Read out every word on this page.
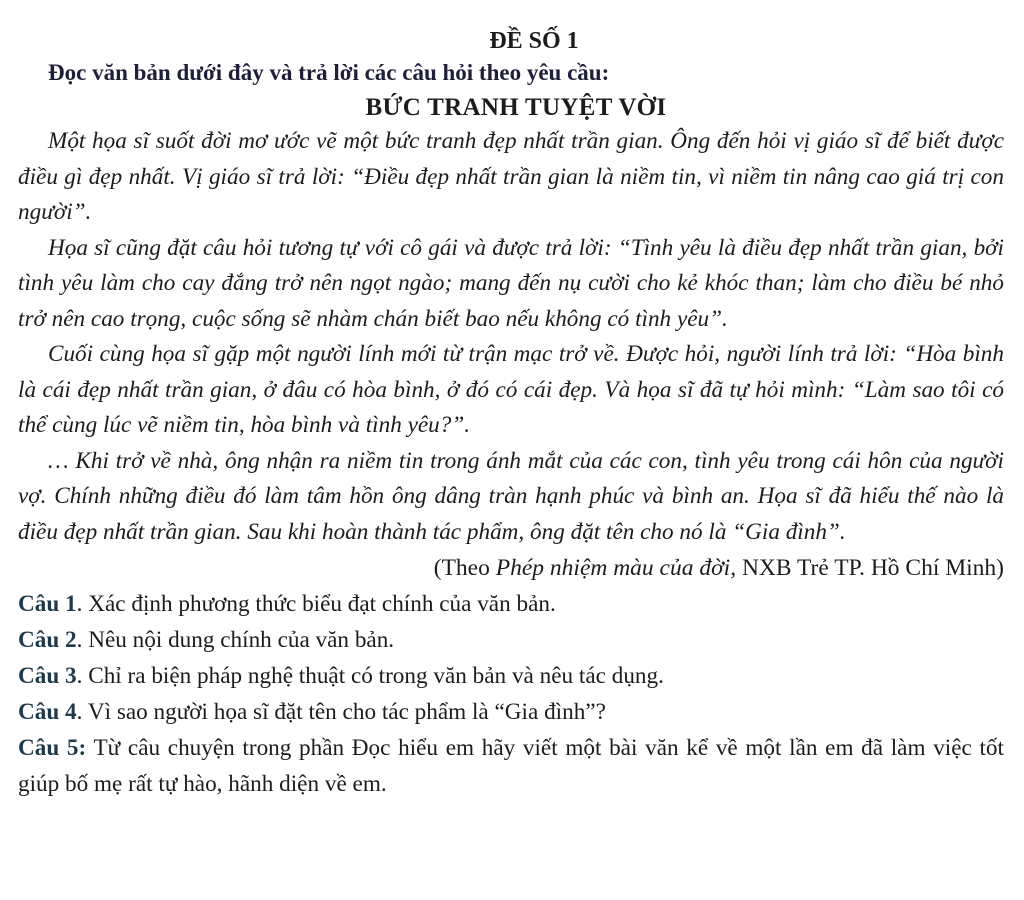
ĐỀ SỐ 1
Đọc văn bản dưới đây và trả lời các câu hỏi theo yêu cầu:
BỨC TRANH TUYỆT VỜI

Một họa sĩ suốt đời mơ ước vẽ một bức tranh đẹp nhất trần gian. Ông đến hỏi vị giáo sĩ để biết được điều gì đẹp nhất. Vị giáo sĩ trả lời: “Điều đẹp nhất trần gian là niềm tin, vì niềm tin nâng cao giá trị con người”.

Họa sĩ cũng đặt câu hỏi tương tự với cô gái và được trả lời: “Tình yêu là điều đẹp nhất trần gian, bởi tình yêu làm cho cay đắng trở nên ngọt ngào; mang đến nụ cười cho kẻ khóc than; làm cho điều bé nhỏ trở nên cao trọng, cuộc sống sẽ nhàm chán biết bao nếu không có tình yêu”.

Cuối cùng họa sĩ gặp một người lính mới từ trận mạc trở về. Được hỏi, người lính trả lời: “Hòa bình là cái đẹp nhất trần gian, ở đâu có hòa bình, ở đó có cái đẹp. Và họa sĩ đã tự hỏi mình: “Làm sao tôi có thể cùng lúc vẽ niềm tin, hòa bình và tình yêu?”.

… Khi trở về nhà, ông nhận ra niềm tin trong ánh mắt của các con, tình yêu trong cái hôn của người vợ. Chính những điều đó làm tâm hồn ông dâng tràn hạnh phúc và bình an. Họa sĩ đã hiểu thế nào là điều đẹp nhất trần gian. Sau khi hoàn thành tác phẩm, ông đặt tên cho nó là “Gia đình”.

(Theo Phép nhiệm màu của đời, NXB Trẻ TP. Hồ Chí Minh)

Câu 1. Xác định phương thức biểu đạt chính của văn bản.

Câu 2. Nêu nội dung chính của văn bản.

Câu 3. Chỉ ra biện pháp nghệ thuật có trong văn bản và nêu tác dụng.

Câu 4. Vì sao người họa sĩ đặt tên cho tác phẩm là “Gia đình”?

Câu 5: Từ câu chuyện trong phần Đọc hiểu em hãy viết một bài văn kể về một lần em đã làm việc tốt giúp bố mẹ rất tự hào, hãnh diện về em.
